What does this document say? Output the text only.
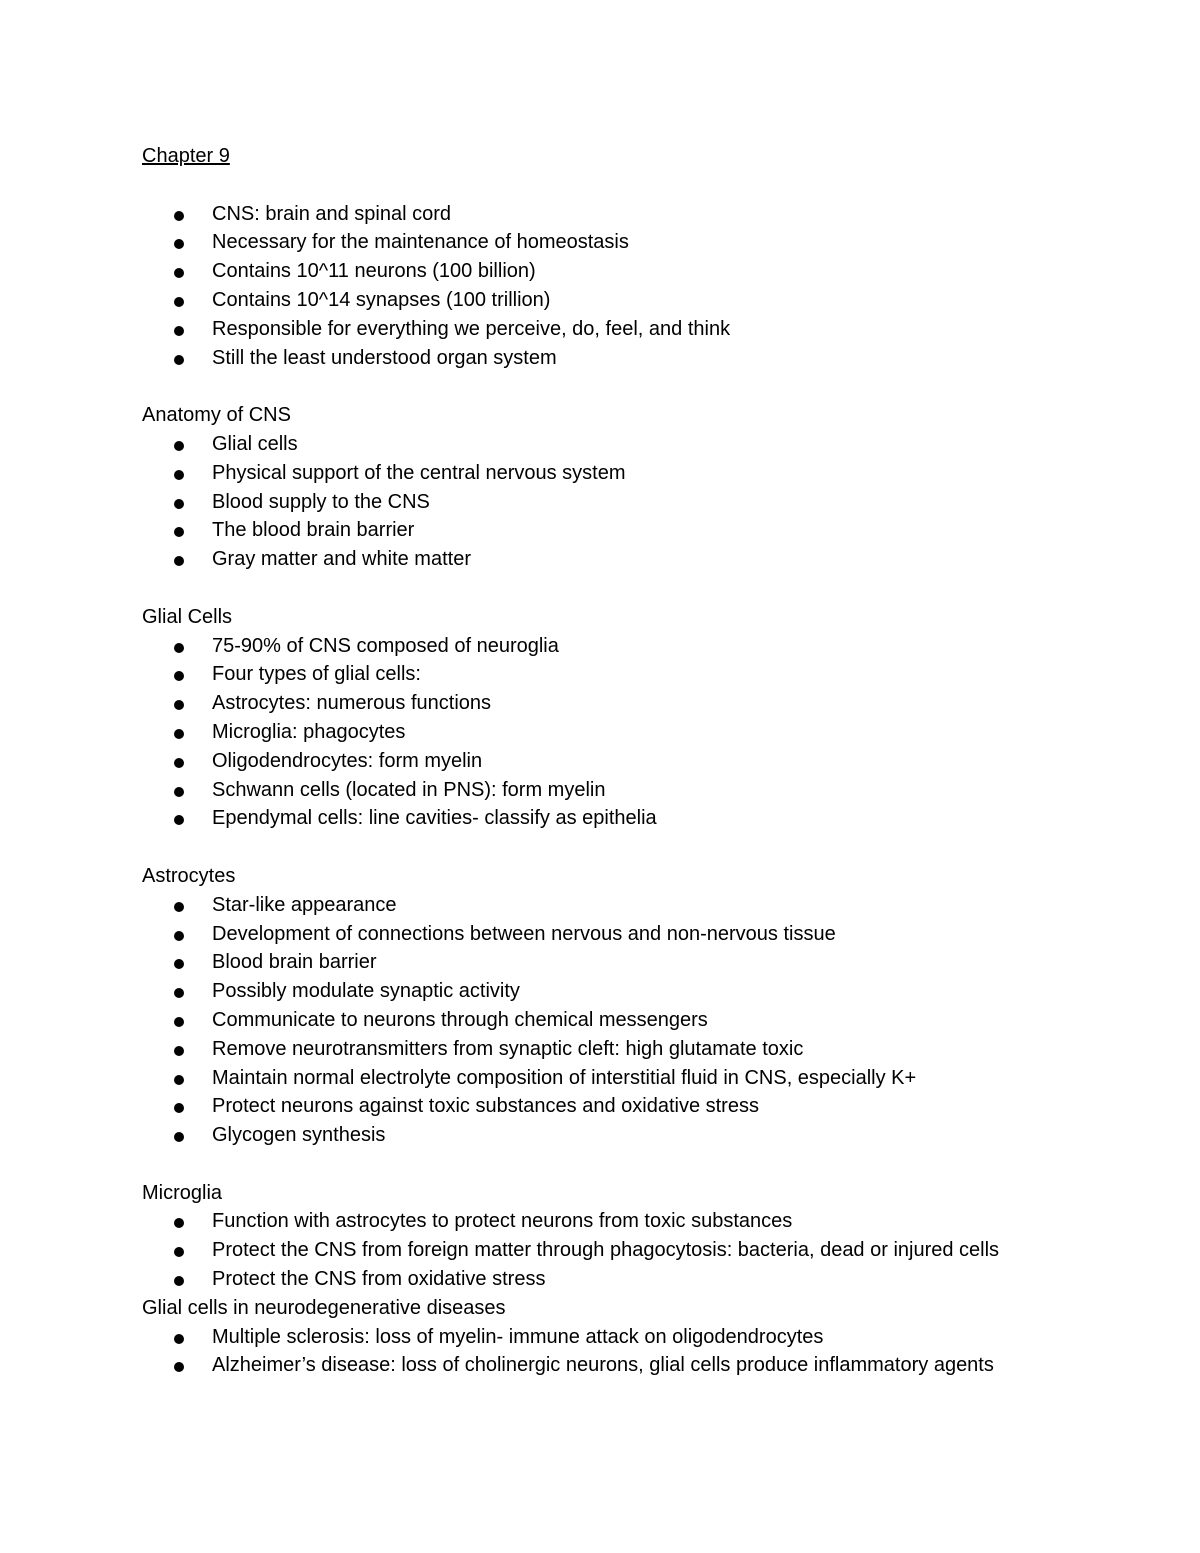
Chapter 9

CNS: brain and spinal cord
Necessary for the maintenance of homeostasis
Contains 10^11 neurons (100 billion)
Contains 10^14 synapses (100 trillion)
Responsible for everything we perceive, do, feel, and think
Still the least understood organ system

Anatomy of CNS

Glial cells
Physical support of the central nervous system
Blood supply to the CNS
The blood brain barrier
Gray matter and white matter

Glial Cells

75-90% of CNS composed of neuroglia
Four types of glial cells:
Astrocytes: numerous functions
Microglia: phagocytes
Oligodendrocytes: form myelin
Schwann cells (located in PNS): form myelin
Ependymal cells: line cavities- classify as epithelia

Astrocytes

Star-like appearance
Development of connections between nervous and non-nervous tissue
Blood brain barrier
Possibly modulate synaptic activity
Communicate to neurons through chemical messengers
Remove neurotransmitters from synaptic cleft: high glutamate toxic
Maintain normal electrolyte composition of interstitial fluid in CNS, especially K+
Protect neurons against toxic substances and oxidative stress
Glycogen synthesis

Microglia

Function with astrocytes to protect neurons from toxic substances
Protect the CNS from foreign matter through phagocytosis: bacteria, dead or injured cells
Protect the CNS from oxidative stress

Glial cells in neurodegenerative diseases

Multiple sclerosis: loss of myelin- immune attack on oligodendrocytes
Alzheimer’s disease: loss of cholinergic neurons, glial cells produce inflammatory agents
